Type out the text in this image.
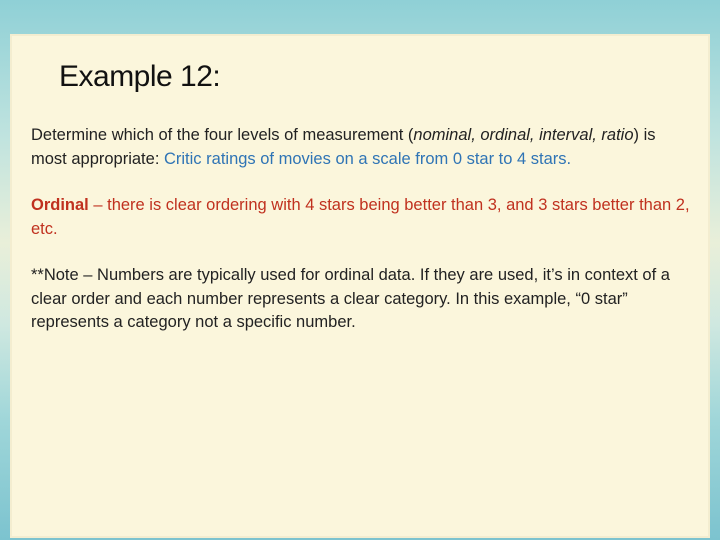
Example 12:

Determine which of the four levels of measurement (nominal, ordinal, interval, ratio) is most appropriate: Critic ratings of movies on a scale from 0 star to 4 stars.

Ordinal – there is clear ordering with 4 stars being better than 3, and 3 stars better than 2, etc.

**Note – Numbers are typically used for ordinal data. If they are used, it’s in context of a clear order and each number represents a clear category. In this example, “0 star” represents a category not a specific number.
